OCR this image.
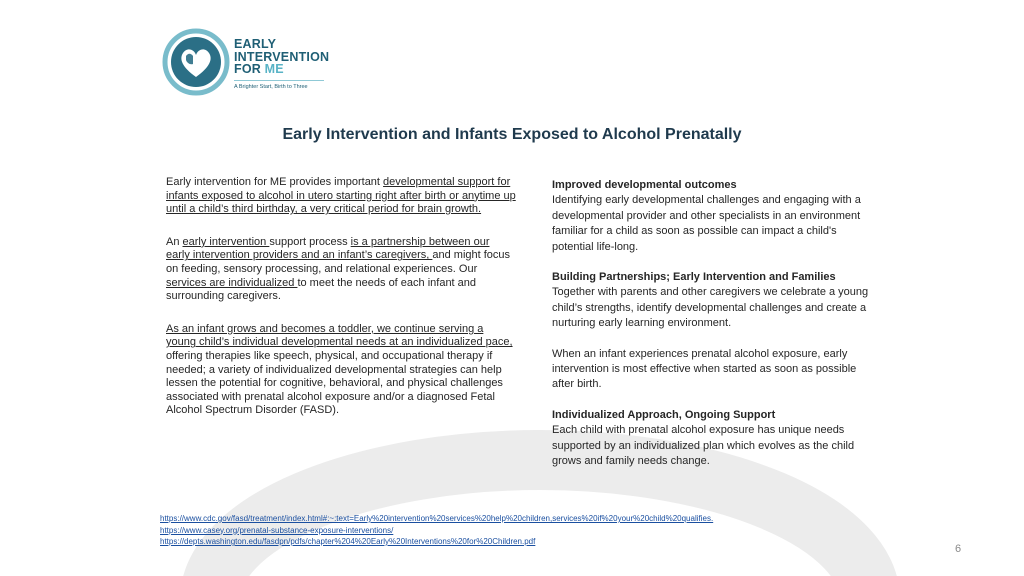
EARLY
INTERVENTION
FOR ME
A Brighter Start, Birth to Three
Early Intervention and Infants Exposed to Alcohol Prenatally

Early intervention for ME provides important developmental support for infants exposed to alcohol in utero starting right after birth or anytime up until a child’s third birthday, a very critical period for brain growth.

An early intervention support process is a partnership between our early intervention providers and an infant’s caregivers, and might focus on feeding, sensory processing, and relational experiences. Our services are individualized to meet the needs of each infant and surrounding caregivers.

As an infant grows and becomes a toddler, we continue serving a young child’s individual developmental needs at an individualized pace, offering therapies like speech, physical, and occupational therapy if needed; a variety of individualized developmental strategies can help lessen the potential for cognitive, behavioral, and physical challenges associated with prenatal alcohol exposure and/or a diagnosed Fetal Alcohol Spectrum Disorder (FASD).

Improved developmental outcomes
Identifying early developmental challenges and engaging with a developmental provider and other specialists in an environment familiar for a child as soon as possible can impact a child's potential life-long.

Building Partnerships; Early Intervention and Families
Together with parents and other caregivers we celebrate a young child’s strengths, identify developmental challenges and create a nurturing early learning environment.

When an infant experiences prenatal alcohol exposure, early intervention is most effective when started as soon as possible after birth.

Individualized Approach, Ongoing Support
Each child with prenatal alcohol exposure has unique needs supported by an individualized plan which evolves as the child grows and family needs change.

https://www.cdc.gov/fasd/treatment/index.html#:~:text=Early%20intervention%20services%20help%20children,services%20if%20your%20child%20qualifies.
https://www.casey.org/prenatal-substance-exposure-interventions/
https://depts.washington.edu/fasdpn/pdfs/chapter%204%20Early%20Interventions%20for%20Children.pdf
6
